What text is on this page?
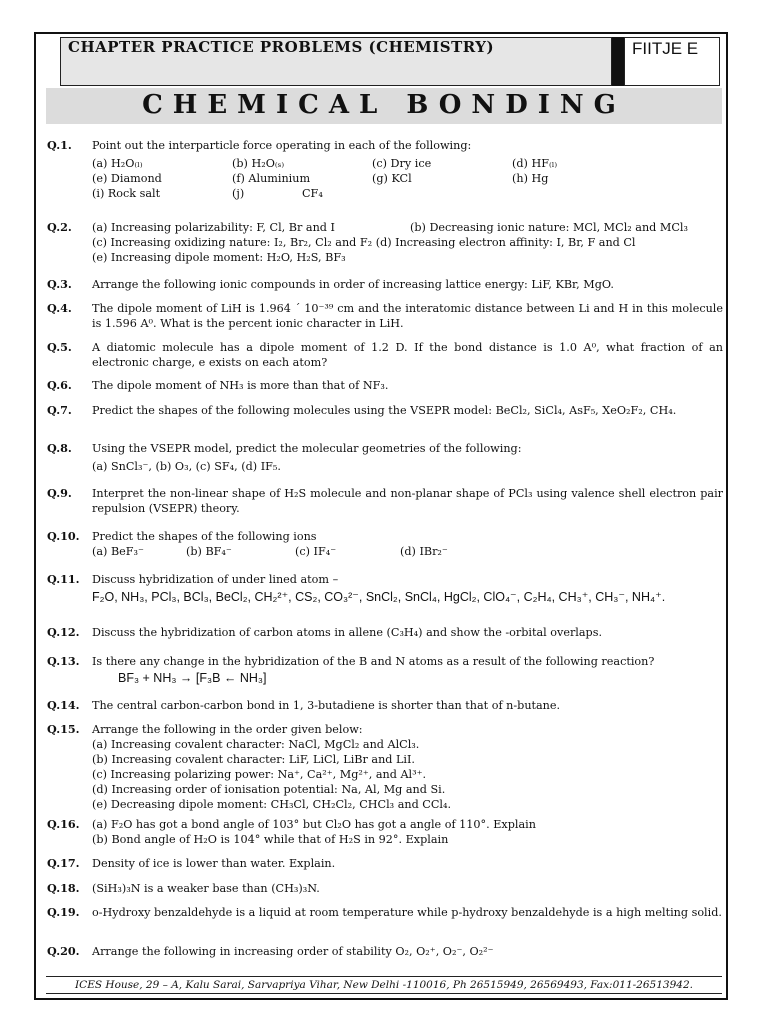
CHAPTER PRACTICE PROBLEMS (CHEMISTRY)	FIITJE E
CHEMICAL BONDING
Q.1.	Point out the interparticle force operating in each of the following:
(a) H₂O₍ₗ₎	(b) H₂O₍ₛ₎	(c) Dry ice	(d) HF₍ₗ₎
(e) Diamond	(f) Aluminium	(g) KCl	(h) Hg
(i) Rock salt	(j)	CF₄
Q.2.	(a) Increasing polarizability: F, Cl, Br and I	(b) Decreasing ionic nature: MCl, MCl₂ and MCl₃
(c) Increasing oxidizing nature: I₂, Br₂, Cl₂ and F₂ (d) Increasing electron affinity: I, Br, F and Cl
(e) Increasing dipole moment: H₂O, H₂S, BF₃
Q.3.	Arrange the following ionic compounds in order of increasing lattice energy: LiF, KBr, MgO.
Q.4.	The dipole moment of LiH is 1.964 ´ 10⁻³⁹ cm and the interatomic distance between Li and H in this molecule is 1.596 A⁰. What is the percent ionic character in LiH.
Q.5.	A diatomic molecule has a dipole moment of 1.2 D. If the bond distance is 1.0 A⁰, what fraction of an electronic charge, e exists on each atom?
Q.6.	The dipole moment of NH₃ is more than that of NF₃.
Q.7.	Predict the shapes of the following molecules using the VSEPR model: BeCl₂, SiCl₄, AsF₅, XeO₂F₂, CH₄.
Q.8.	Using the VSEPR model, predict the molecular geometries of the following:
(a) SnCl₃⁻, (b) O₃, (c) SF₄, (d) IF₅.
Q.9.	Interpret the non-linear shape of H₂S molecule and non-planar shape of PCl₃ using valence shell electron pair repulsion (VSEPR) theory.
Q.10.	Predict the shapes of the following ions
(a) BeF₃⁻	(b) BF₄⁻	(c) IF₄⁻	(d) IBr₂⁻
Q.11.	Discuss hybridization of under lined atom –
F₂O, NH₃, PCl₃, BCl₃, BeCl₂, CH₂²⁺, CS₂, CO₃²⁻, SnCl₂, SnCl₄, HgCl₂, ClO₄⁻, C₂H₄, CH₃⁺, CH₃⁻, NH₄⁺.
Q.12.	Discuss the hybridization of carbon atoms in allene (C₃H₄) and show the -orbital overlaps.
Q.13.	Is there any change in the hybridization of the B and N atoms as a result of the following reaction?
BF₃ + NH₃ → [F₃B ← NH₃]
Q.14.	The central carbon-carbon bond in 1, 3-butadiene is shorter than that of n-butane.
Q.15.	Arrange the following in the order given below:
(a) Increasing covalent character: NaCl, MgCl₂ and AlCl₃.
(b) Increasing covalent character: LiF, LiCl, LiBr and LiI.
(c) Increasing polarizing power: Na⁺, Ca²⁺, Mg²⁺, and Al³⁺.
(d) Increasing order of ionisation potential: Na, Al, Mg and Si.
(e) Decreasing dipole moment: CH₃Cl, CH₂Cl₂, CHCl₃ and CCl₄.
Q.16.	(a) F₂O has got a bond angle of 103° but Cl₂O has got a angle of 110°. Explain
(b) Bond angle of H₂O is 104° while that of H₂S in 92°. Explain
Q.17.	Density of ice is lower than water. Explain.
Q.18.	(SiH₃)₃N is a weaker base than (CH₃)₃N.
Q.19.	o-Hydroxy benzaldehyde is a liquid at room temperature while p-hydroxy benzaldehyde is a high melting solid.
Q.20.	Arrange the following in increasing order of stability O₂, O₂⁺, O₂⁻, O₂²⁻
ICES House, 29 – A, Kalu Sarai, Sarvapriya Vihar, New Delhi -110016, Ph 26515949, 26569493, Fax:011-26513942.
